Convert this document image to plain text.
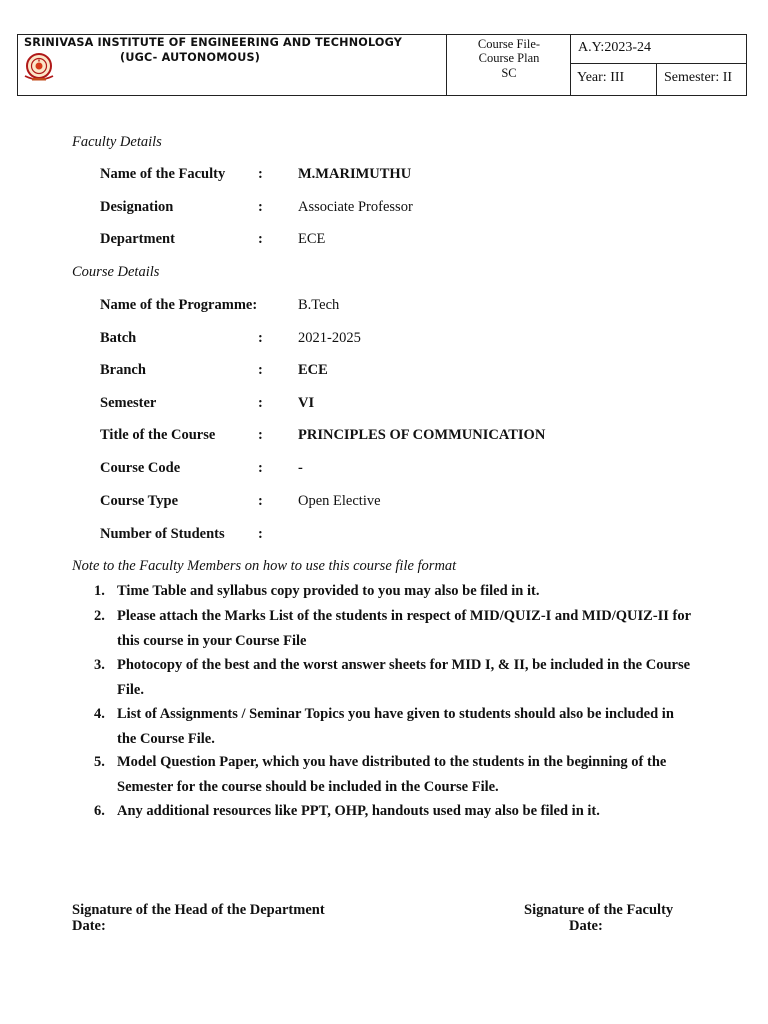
SRINIVASA INSTITUTE OF ENGINEERING AND TECHNOLOGY
(UGC- AUTONOMOUS)
Course File-
Course Plan
SC
A.Y:2023-24
Year: III	Semester: II
Faculty Details
Name of the Faculty : M.MARIMUTHU
Designation	: Associate Professor
Department	: ECE
Course Details
Name of the Programme:	B.Tech
Batch	: 2021-2025
Branch	: ECE
Semester	: VI
Title of the Course	: PRINCIPLES OF COMMUNICATION
Course Code	: -
Course Type	: Open Elective
Number of Students :
Note to the Faculty Members on how to use this course file format
1. Time Table and syllabus copy provided to you may also be filed in it.
2. Please attach the Marks List of the students in respect of MID/QUIZ-I and MID/QUIZ-II for this course in your Course File
3. Photocopy of the best and the worst answer sheets for MID I, & II, be included in the Course File.
4. List of Assignments / Seminar Topics you have given to students should also be included in the Course File.
5. Model Question Paper, which you have distributed to the students in the beginning of the Semester for the course should be included in the Course File.
6. Any additional resources like PPT, OHP, handouts used may also be filed in it.
Signature of the Head of the Department
Date:
Signature of the Faculty
Date:
